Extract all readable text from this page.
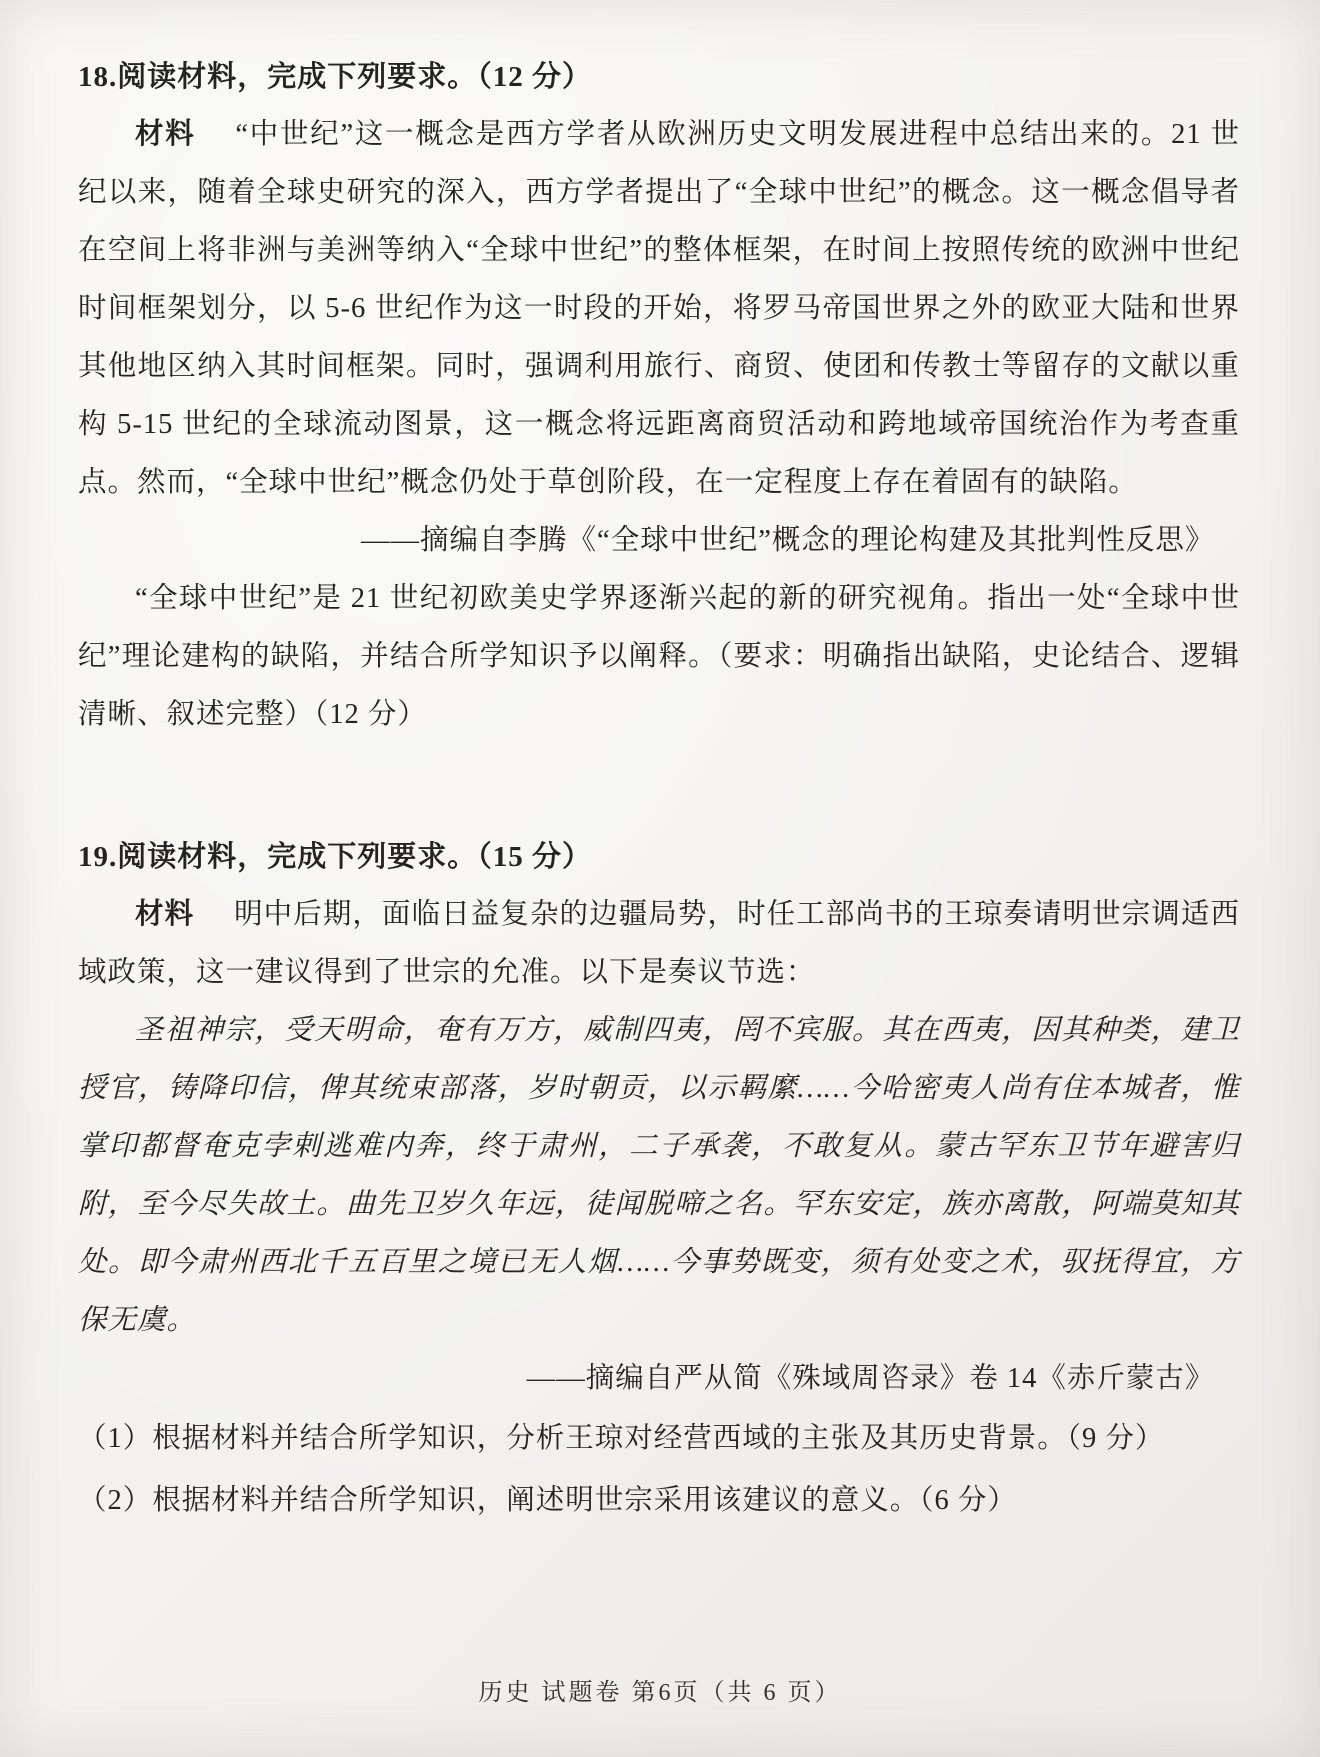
18.阅读材料，完成下列要求。（12 分）

材料 “中世纪”这一概念是西方学者从欧洲历史文明发展进程中总结出来的。21 世纪以来，随着全球史研究的深入，西方学者提出了“全球中世纪”的概念。这一概念倡导者在空间上将非洲与美洲等纳入“全球中世纪”的整体框架，在时间上按照传统的欧洲中世纪时间框架划分，以 5-6 世纪作为这一时段的开始，将罗马帝国世界之外的欧亚大陆和世界其他地区纳入其时间框架。同时，强调利用旅行、商贸、使团和传教士等留存的文献以重构 5-15 世纪的全球流动图景，这一概念将远距离商贸活动和跨地域帝国统治作为考查重点。然而，“全球中世纪”概念仍处于草创阶段，在一定程度上存在着固有的缺陷。

——摘编自李腾《“全球中世纪”概念的理论构建及其批判性反思》

“全球中世纪”是 21 世纪初欧美史学界逐渐兴起的新的研究视角。指出一处“全球中世纪”理论建构的缺陷，并结合所学知识予以阐释。（要求：明确指出缺陷，史论结合、逻辑清晰、叙述完整）（12 分）

19.阅读材料，完成下列要求。（15 分）

材料 明中后期，面临日益复杂的边疆局势，时任工部尚书的王琼奏请明世宗调适西域政策，这一建议得到了世宗的允准。以下是奏议节选：

圣祖神宗，受天明命，奄有万方，威制四夷，罔不宾服。其在西夷，因其种类，建卫授官，铸降印信，俾其统束部落，岁时朝贡，以示羁縻……今哈密夷人尚有住本城者，惟掌印都督奄克孛剌逃难内奔，终于肃州，二子承袭，不敢复从。蒙古罕东卫节年避害归附，至今尽失故土。曲先卫岁久年远，徒闻脱啼之名。罕东安定，族亦离散，阿端莫知其处。即今肃州西北千五百里之境已无人烟……今事势既变，须有处变之术，驭抚得宜，方保无虞。

——摘编自严从简《殊域周咨录》卷 14《赤斤蒙古》

（1）根据材料并结合所学知识，分析王琼对经营西域的主张及其历史背景。（9 分）

（2）根据材料并结合所学知识，阐述明世宗采用该建议的意义。（6 分）

历史 试题卷 第6页（共 6 页）
